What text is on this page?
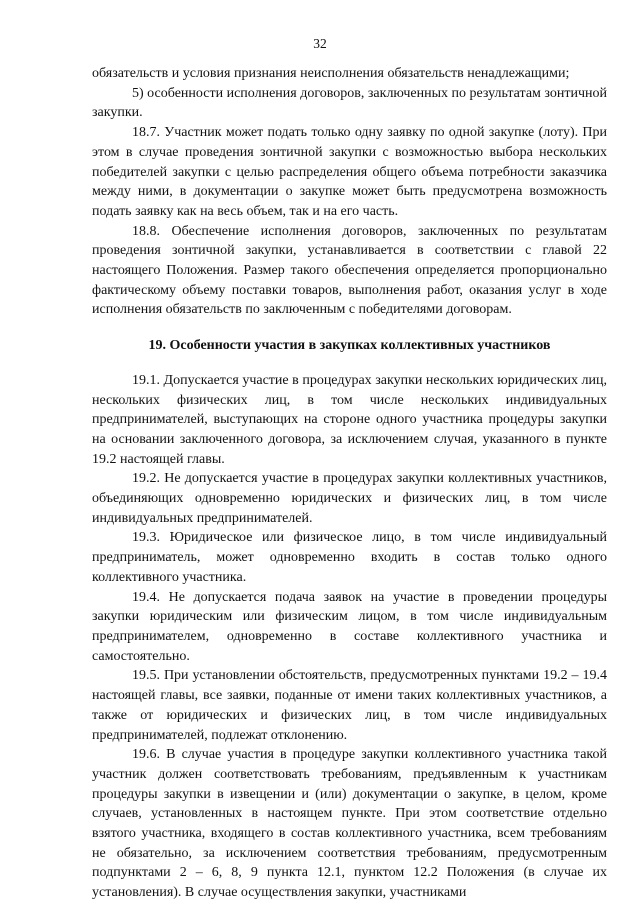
32

обязательств и условия признания неисполнения обязательств ненадлежащими;

5) особенности исполнения договоров, заключенных по результатам зонтичной закупки.

18.7. Участник может подать только одну заявку по одной закупке (лоту). При этом в случае проведения зонтичной закупки с возможностью выбора нескольких победителей закупки с целью распределения общего объема потребности заказчика между ними, в документации о закупке может быть предусмотрена возможность подать заявку как на весь объем, так и на его часть.

18.8. Обеспечение исполнения договоров, заключенных по результатам проведения зонтичной закупки, устанавливается в соответствии с главой 22 настоящего Положения. Размер такого обеспечения определяется пропорционально фактическому объему поставки товаров, выполнения работ, оказания услуг в ходе исполнения обязательств по заключенным с победителями договорам.

19. Особенности участия в закупках коллективных участников

19.1. Допускается участие в процедурах закупки нескольких юридических лиц, нескольких физических лиц, в том числе нескольких индивидуальных предпринимателей, выступающих на стороне одного участника процедуры закупки на основании заключенного договора, за исключением случая, указанного в пункте 19.2 настоящей главы.

19.2. Не допускается участие в процедурах закупки коллективных участников, объединяющих одновременно юридических и физических лиц, в том числе индивидуальных предпринимателей.

19.3. Юридическое или физическое лицо, в том числе индивидуальный предприниматель, может одновременно входить в состав только одного коллективного участника.

19.4. Не допускается подача заявок на участие в проведении процедуры закупки юридическим или физическим лицом, в том числе индивидуальным предпринимателем, одновременно в составе коллективного участника и самостоятельно.

19.5. При установлении обстоятельств, предусмотренных пунктами 19.2 – 19.4 настоящей главы, все заявки, поданные от имени таких коллективных участников, а также от юридических и физических лиц, в том числе индивидуальных предпринимателей, подлежат отклонению.

19.6. В случае участия в процедуре закупки коллективного участника такой участник должен соответствовать требованиям, предъявленным к участникам процедуры закупки в извещении и (или) документации о закупке, в целом, кроме случаев, установленных в настоящем пункте. При этом соответствие отдельно взятого участника, входящего в состав коллективного участника, всем требованиям не обязательно, за исключением соответствия требованиям, предусмотренным подпунктами 2 – 6, 8, 9 пункта 12.1, пунктом 12.2 Положения (в случае их установления). В случае осуществления закупки, участниками
